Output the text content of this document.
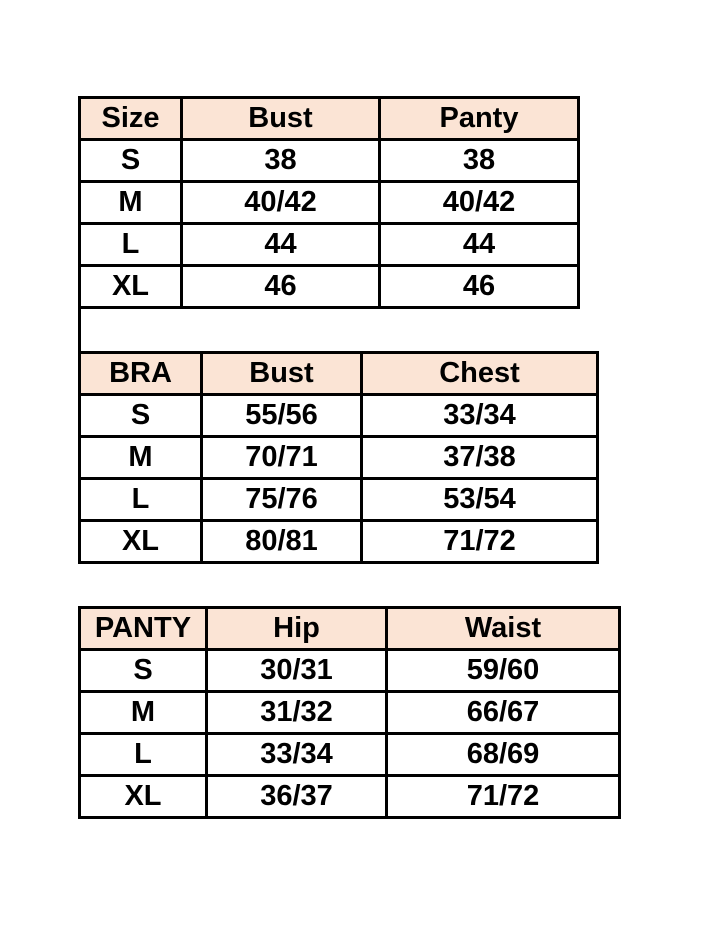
Size	Bust	Panty
S	38	38
M	40/42	40/42
L	44	44
XL	46	46
BRA	Bust	Chest
S	55/56	33/34
M	70/71	37/38
L	75/76	53/54
XL	80/81	71/72
PANTY	Hip	Waist
S	30/31	59/60
M	31/32	66/67
L	33/34	68/69
XL	36/37	71/72
